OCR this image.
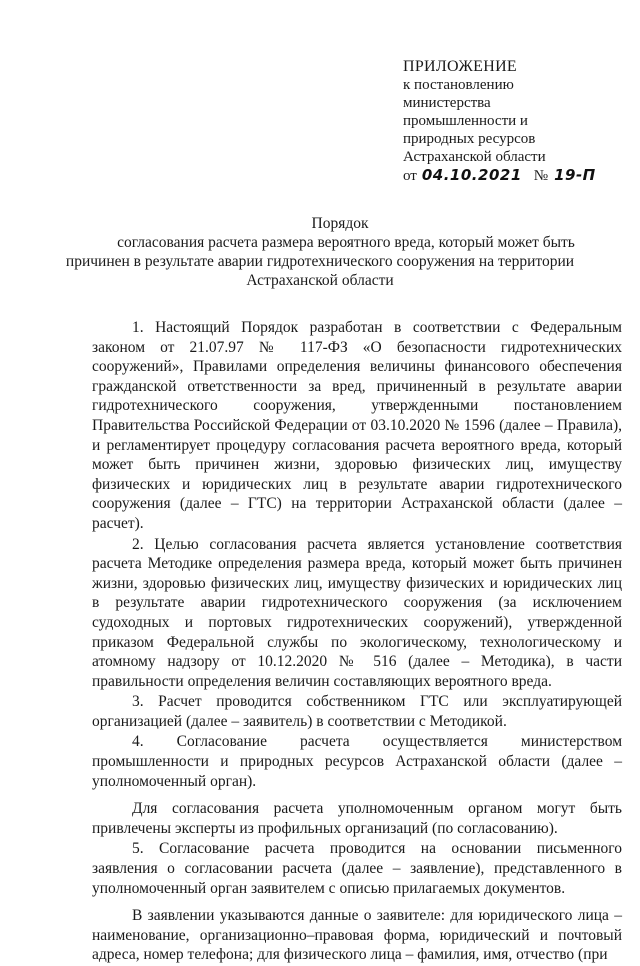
ПРИЛОЖЕНИЕ
к постановлению
министерства
промышленности и
природных ресурсов
Астраханской области
от 04.10.2021 № 19-П
Порядок
согласования расчета размера вероятного вреда, который может быть
причинен в результате аварии гидротехнического сооружения на территории
Астраханской области

1. Настоящий Порядок разработан в соответствии с Федеральным законом от 21.07.97 № 117-ФЗ «О безопасности гидротехнических сооружений», Правилами определения величины финансового обеспечения гражданской ответственности за вред, причиненный в результате аварии гидротехнического сооружения, утвержденными постановлением Правительства Российской Федерации от 03.10.2020 № 1596 (далее – Правила), и регламентирует процедуру согласования расчета вероятного вреда, который может быть причинен жизни, здоровью физических лиц, имуществу физических и юридических лиц в результате аварии гидротехнического сооружения (далее – ГТС) на территории Астраханской области (далее – расчет).

2. Целью согласования расчета является установление соответствия расчета Методике определения размера вреда, который может быть причинен жизни, здоровью физических лиц, имуществу физических и юридических лиц в результате аварии гидротехнического сооружения (за исключением судоходных и портовых гидротехнических сооружений), утвержденной приказом Федеральной службы по экологическому, технологическому и атомному надзору от 10.12.2020 № 516 (далее – Методика), в части правильности определения величин составляющих вероятного вреда.

3. Расчет проводится собственником ГТС или эксплуатирующей организацией (далее – заявитель) в соответствии с Методикой.

4. Согласование расчета осуществляется министерством промышленности и природных ресурсов Астраханской области (далее – уполномоченный орган).

Для согласования расчета уполномоченным органом могут быть привлечены эксперты из профильных организаций (по согласованию).

5. Согласование расчета проводится на основании письменного заявления о согласовании расчета (далее – заявление), представленного в уполномоченный орган заявителем с описью прилагаемых документов.

В заявлении указываются данные о заявителе: для юридического лица – наименование, организационно–правовая форма, юридический и почтовый адреса, номер телефона; для физического лица – фамилия, имя, отчество (при
